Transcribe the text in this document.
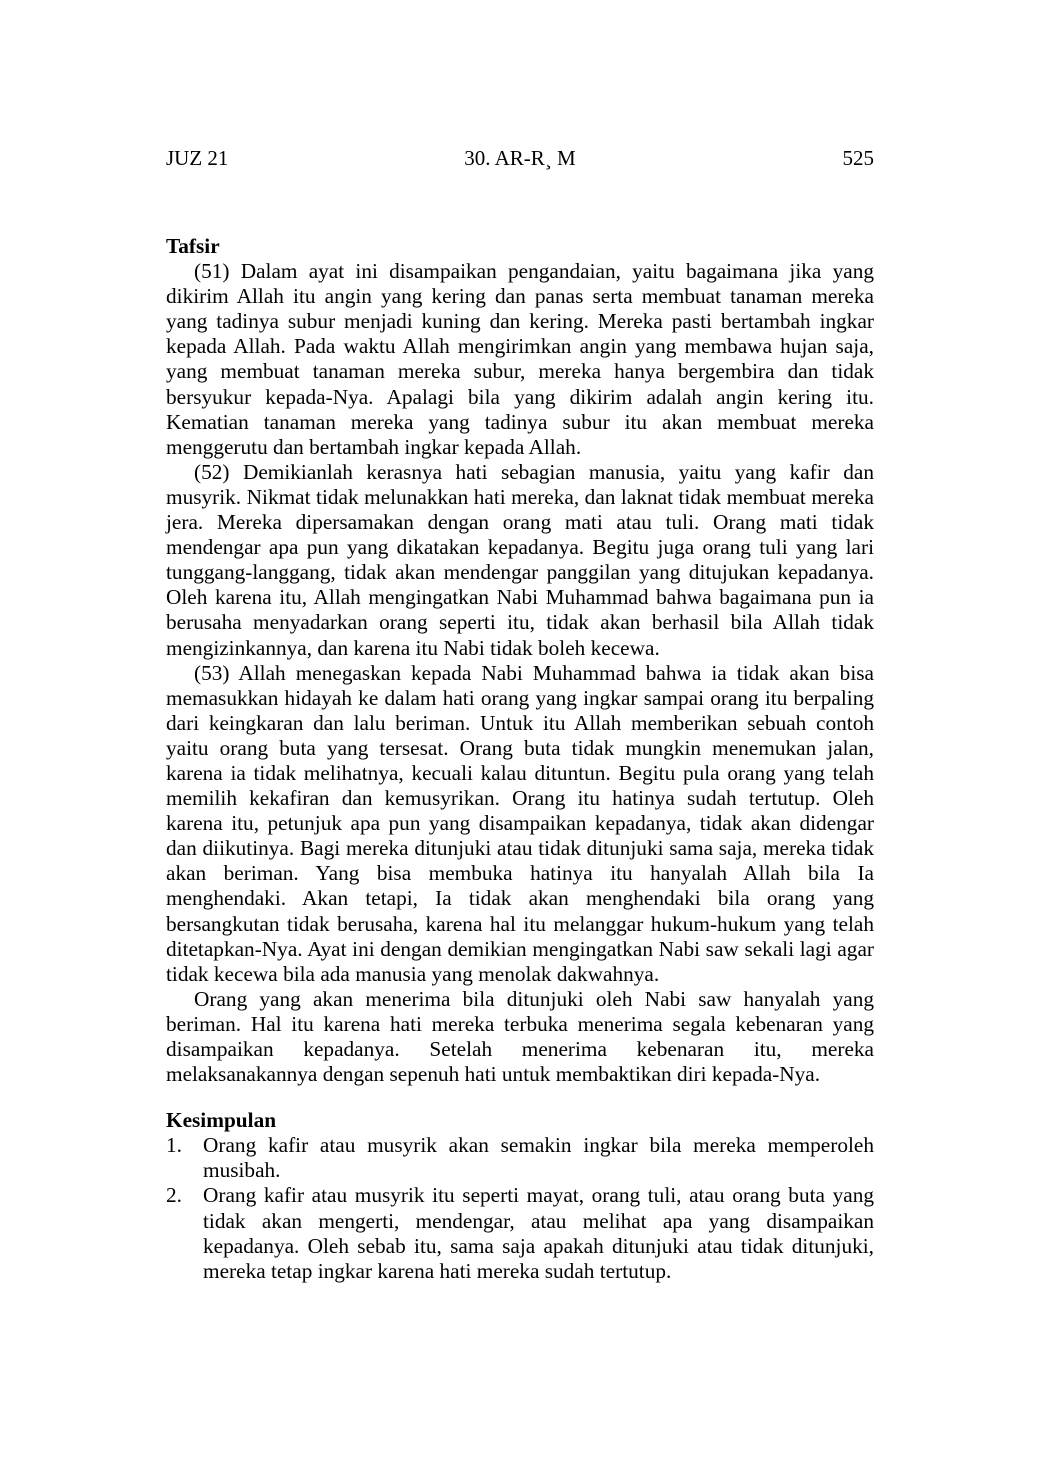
JUZ 21	30. AR-R¸ M	525

Tafsir

(51) Dalam ayat ini disampaikan pengandaian, yaitu bagaimana jika yang dikirim Allah itu angin yang kering dan panas serta membuat tanaman mereka yang tadinya subur menjadi kuning dan kering. Mereka pasti bertambah ingkar kepada Allah. Pada waktu Allah mengirimkan angin yang membawa hujan saja, yang membuat tanaman mereka subur, mereka hanya bergembira dan tidak bersyukur kepada-Nya. Apalagi bila yang dikirim adalah angin kering itu. Kematian tanaman mereka yang tadinya subur itu akan membuat mereka menggerutu dan bertambah ingkar kepada Allah.

(52) Demikianlah kerasnya hati sebagian manusia, yaitu yang kafir dan musyrik. Nikmat tidak melunakkan hati mereka, dan laknat tidak membuat mereka jera. Mereka dipersamakan dengan orang mati atau tuli. Orang mati tidak mendengar apa pun yang dikatakan kepadanya. Begitu juga orang tuli yang lari tunggang-langgang, tidak akan mendengar panggilan yang ditujukan kepadanya. Oleh karena itu, Allah mengingatkan Nabi Muhammad bahwa bagaimana pun ia berusaha menyadarkan orang seperti itu, tidak akan berhasil bila Allah tidak mengizinkannya, dan karena itu Nabi tidak boleh kecewa.

(53) Allah menegaskan kepada Nabi Muhammad bahwa ia tidak akan bisa memasukkan hidayah ke dalam hati orang yang ingkar sampai orang itu berpaling dari keingkaran dan lalu beriman. Untuk itu Allah memberikan sebuah contoh yaitu orang buta yang tersesat. Orang buta tidak mungkin menemukan jalan, karena ia tidak melihatnya, kecuali kalau dituntun. Begitu pula orang yang telah memilih kekafiran dan kemusyrikan. Orang itu hatinya sudah tertutup. Oleh karena itu, petunjuk apa pun yang disampaikan kepadanya, tidak akan didengar dan diikutinya. Bagi mereka ditunjuki atau tidak ditunjuki sama saja, mereka tidak akan beriman. Yang bisa membuka hatinya itu hanyalah Allah bila Ia menghendaki. Akan tetapi, Ia tidak akan menghendaki bila orang yang bersangkutan tidak berusaha, karena hal itu melanggar hukum-hukum yang telah ditetapkan-Nya. Ayat ini dengan demikian mengingatkan Nabi saw sekali lagi agar tidak kecewa bila ada manusia yang menolak dakwahnya.

Orang yang akan menerima bila ditunjuki oleh Nabi saw hanyalah yang beriman. Hal itu karena hati mereka terbuka menerima segala kebenaran yang disampaikan kepadanya. Setelah menerima kebenaran itu, mereka melaksanakannya dengan sepenuh hati untuk membaktikan diri kepada-Nya.

Kesimpulan

1. Orang kafir atau musyrik akan semakin ingkar bila mereka memperoleh musibah.
2. Orang kafir atau musyrik itu seperti mayat, orang tuli, atau orang buta yang tidak akan mengerti, mendengar, atau melihat apa yang disampaikan kepadanya. Oleh sebab itu, sama saja apakah ditunjuki atau tidak ditunjuki, mereka tetap ingkar karena hati mereka sudah tertutup.
